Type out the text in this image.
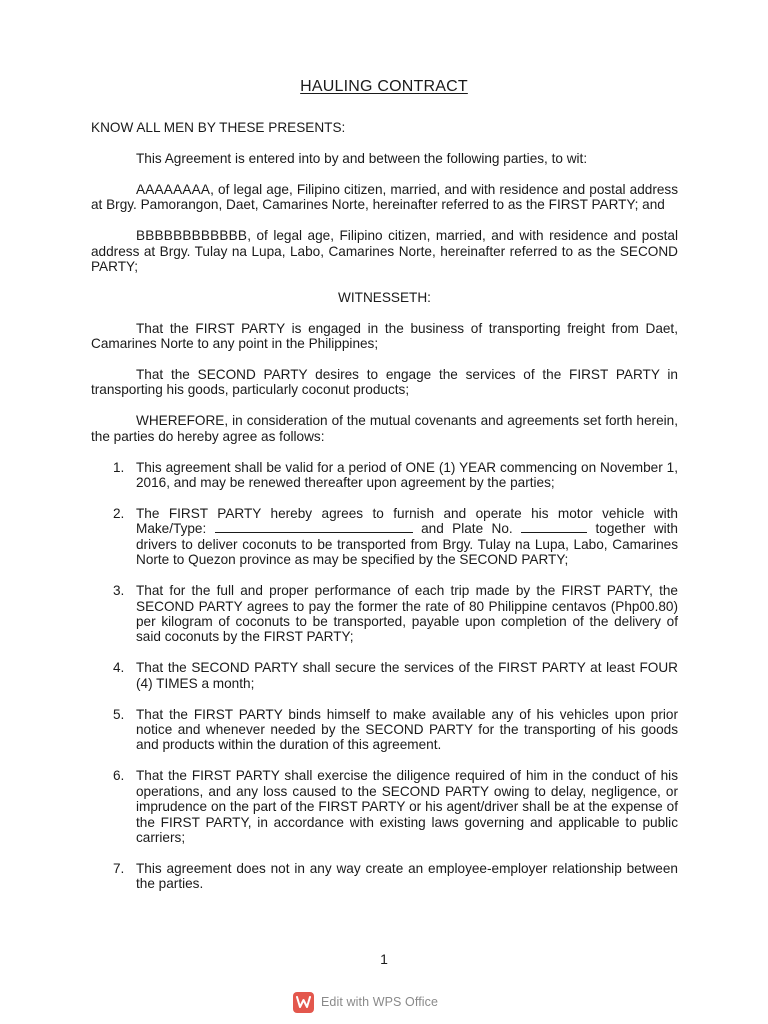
HAULING CONTRACT

KNOW ALL MEN BY THESE PRESENTS:

This Agreement is entered into by and between the following parties, to wit:

AAAAAAAA, of legal age, Filipino citizen, married, and with residence and postal address at Brgy. Pamorangon, Daet, Camarines Norte, hereinafter referred to as the FIRST PARTY; and

BBBBBBBBBBBB, of legal age, Filipino citizen, married, and with residence and postal address at Brgy. Tulay na Lupa, Labo, Camarines Norte, hereinafter referred to as the SECOND PARTY;

WITNESSETH:

That the FIRST PARTY is engaged in the business of transporting freight from Daet, Camarines Norte to any point in the Philippines;

That the SECOND PARTY desires to engage the services of the FIRST PARTY in transporting his goods, particularly coconut products;

WHEREFORE, in consideration of the mutual covenants and agreements set forth herein, the parties do hereby agree as follows:

1. This agreement shall be valid for a period of ONE (1) YEAR commencing on November 1, 2016, and may be renewed thereafter upon agreement by the parties;
2. The FIRST PARTY hereby agrees to furnish and operate his motor vehicle with Make/Type:	and Plate No.	together with drivers to deliver coconuts to be transported from Brgy. Tulay na Lupa, Labo, Camarines Norte to Quezon province as may be specified by the SECOND PARTY;
3. That for the full and proper performance of each trip made by the FIRST PARTY, the SECOND PARTY agrees to pay the former the rate of 80 Philippine centavos (Php00.80) per kilogram of coconuts to be transported, payable upon completion of the delivery of said coconuts by the FIRST PARTY;
4. That the SECOND PARTY shall secure the services of the FIRST PARTY at least FOUR (4) TIMES a month;
5. That the FIRST PARTY binds himself to make available any of his vehicles upon prior notice and whenever needed by the SECOND PARTY for the transporting of his goods and products within the duration of this agreement.
6. That the FIRST PARTY shall exercise the diligence required of him in the conduct of his operations, and any loss caused to the SECOND PARTY owing to delay, negligence, or imprudence on the part of the FIRST PARTY or his agent/driver shall be at the expense of the FIRST PARTY, in accordance with existing laws governing and applicable to public carriers;
7. This agreement does not in any way create an employee-employer relationship between the parties.
1
Edit with WPS Office
